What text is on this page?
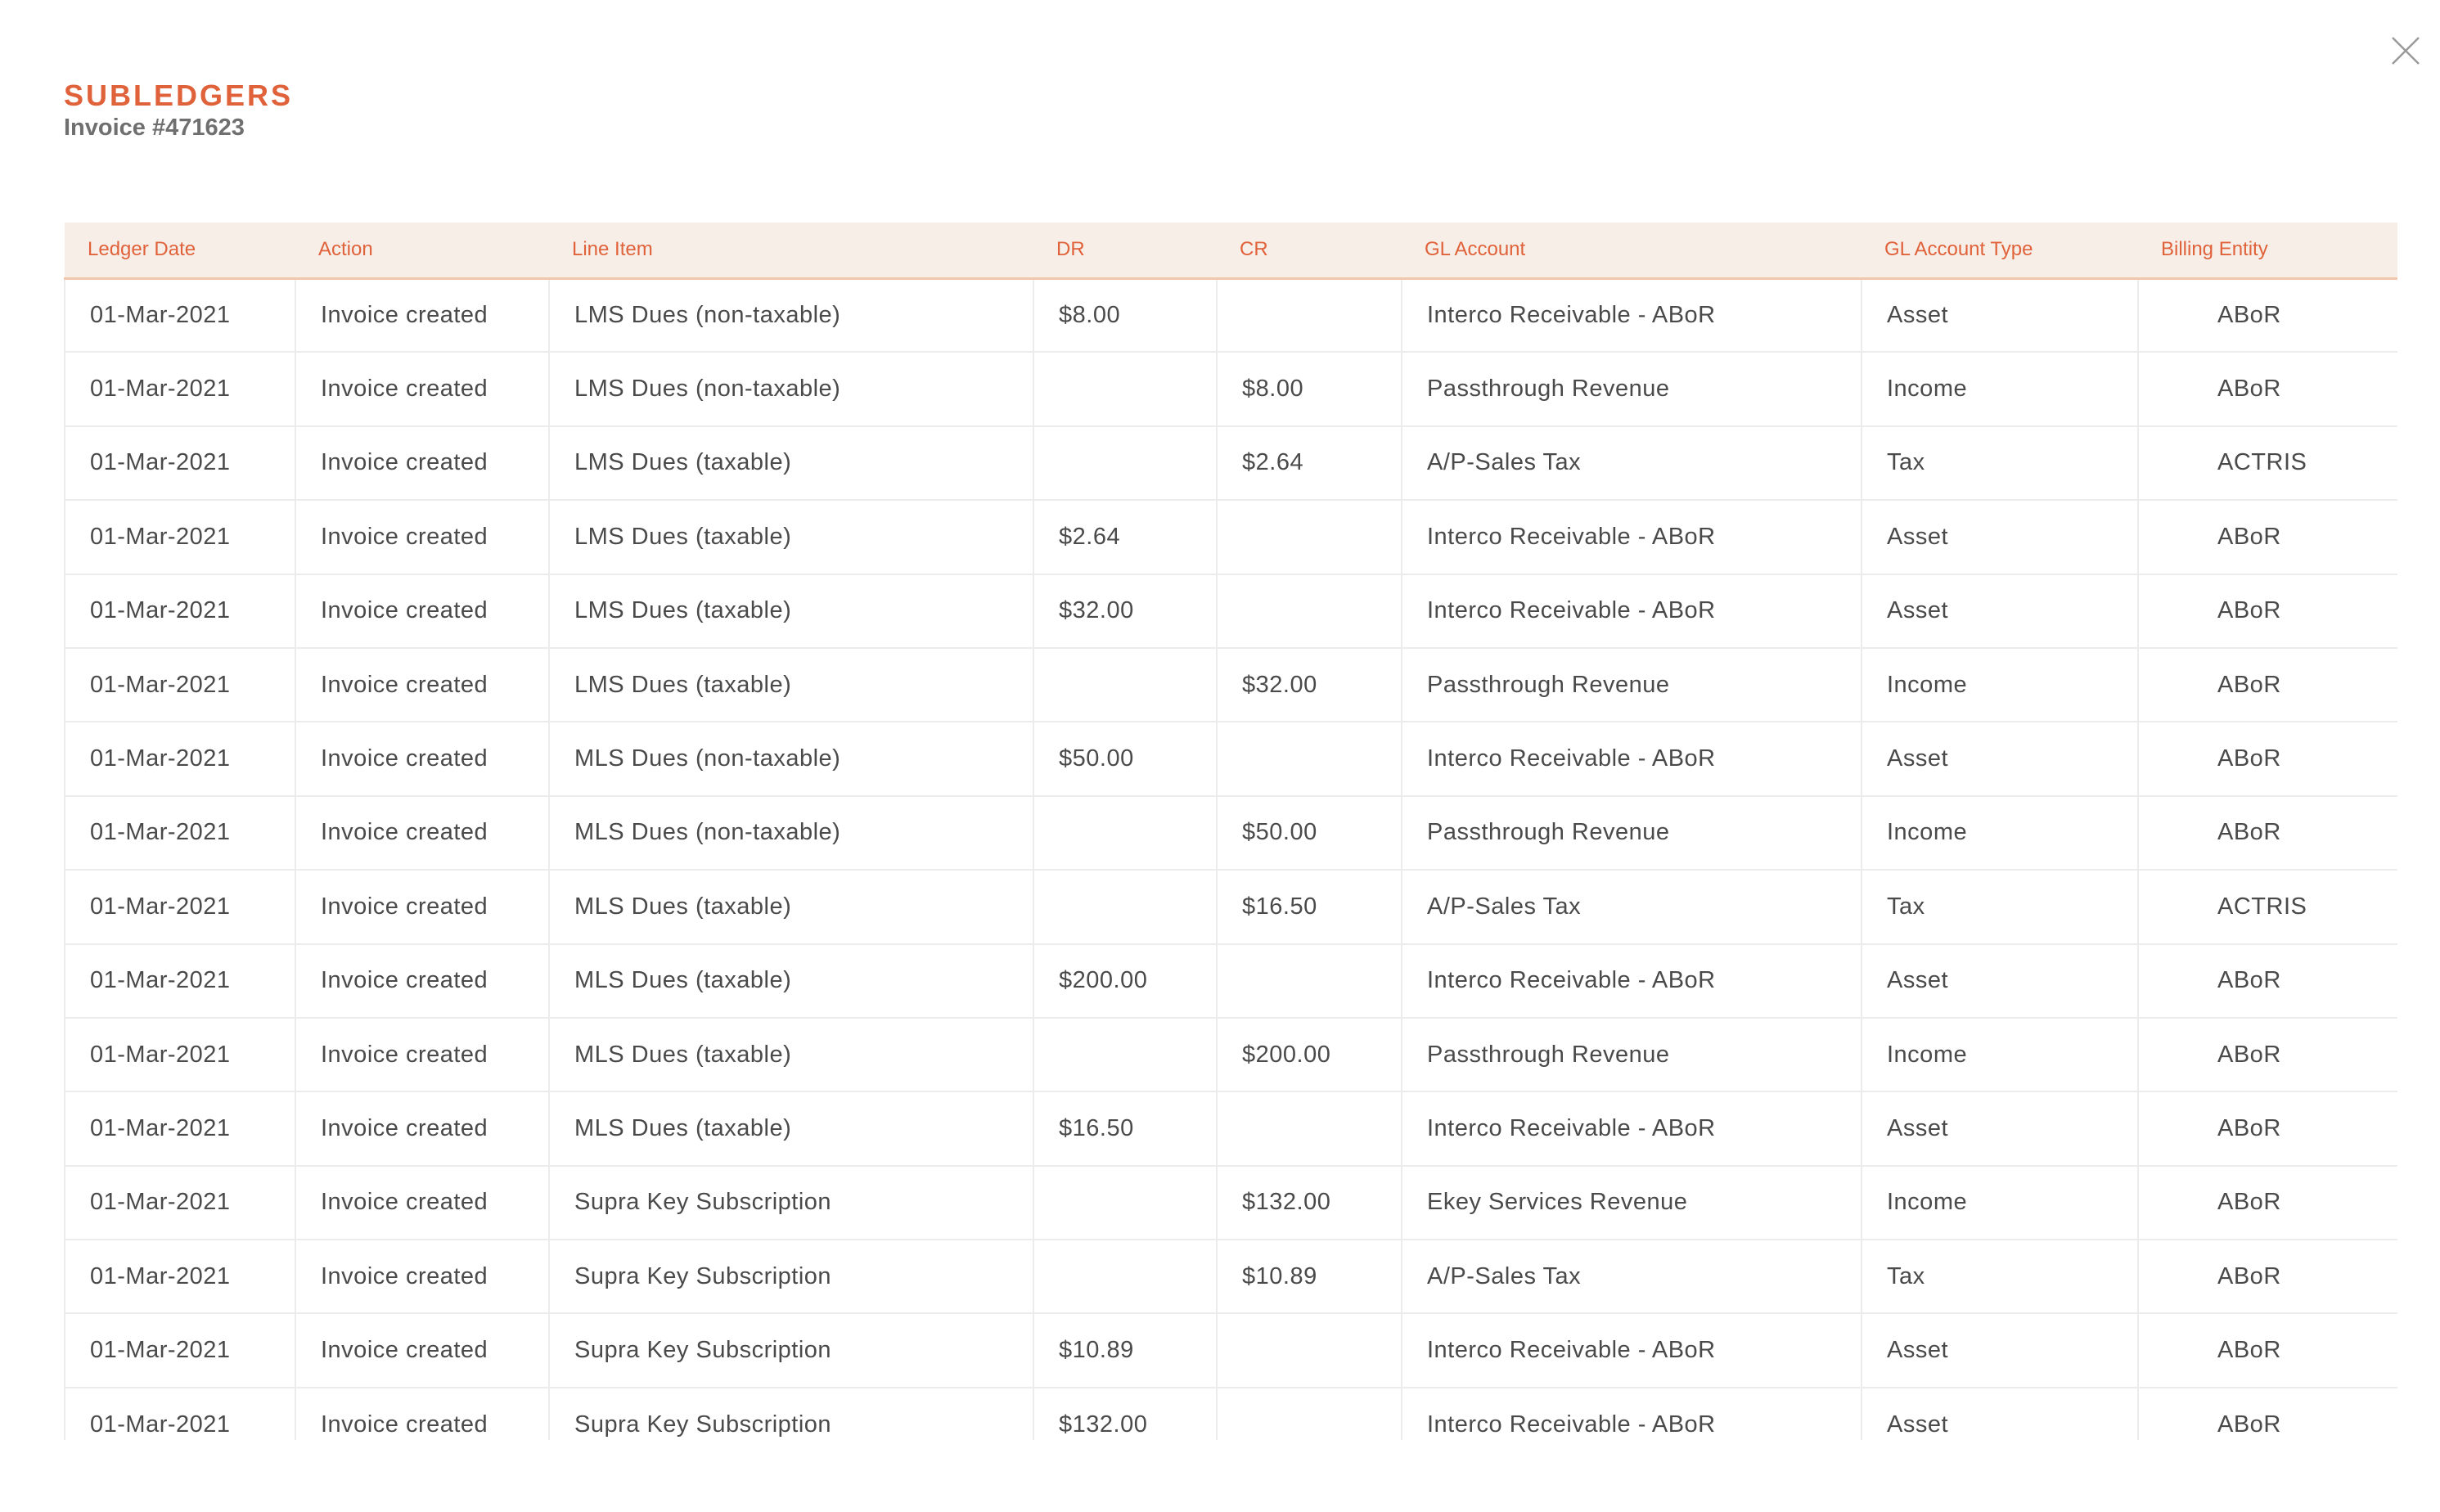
SUBLEDGERS
Invoice #471623
Ledger Date	Action	Line Item	DR	CR	GL Account	GL Account Type	Billing Entity
01-Mar-2021	Invoice created	LMS Dues (non-taxable)	$8.00		Interco Receivable - ABoR	Asset	ABoR
01-Mar-2021	Invoice created	LMS Dues (non-taxable)		$8.00	Passthrough Revenue	Income	ABoR
01-Mar-2021	Invoice created	LMS Dues (taxable)		$2.64	A/P-Sales Tax	Tax	ACTRIS
01-Mar-2021	Invoice created	LMS Dues (taxable)	$2.64		Interco Receivable - ABoR	Asset	ABoR
01-Mar-2021	Invoice created	LMS Dues (taxable)	$32.00		Interco Receivable - ABoR	Asset	ABoR
01-Mar-2021	Invoice created	LMS Dues (taxable)		$32.00	Passthrough Revenue	Income	ABoR
01-Mar-2021	Invoice created	MLS Dues (non-taxable)	$50.00		Interco Receivable - ABoR	Asset	ABoR
01-Mar-2021	Invoice created	MLS Dues (non-taxable)		$50.00	Passthrough Revenue	Income	ABoR
01-Mar-2021	Invoice created	MLS Dues (taxable)		$16.50	A/P-Sales Tax	Tax	ACTRIS
01-Mar-2021	Invoice created	MLS Dues (taxable)	$200.00		Interco Receivable - ABoR	Asset	ABoR
01-Mar-2021	Invoice created	MLS Dues (taxable)		$200.00	Passthrough Revenue	Income	ABoR
01-Mar-2021	Invoice created	MLS Dues (taxable)	$16.50		Interco Receivable - ABoR	Asset	ABoR
01-Mar-2021	Invoice created	Supra Key Subscription		$132.00	Ekey Services Revenue	Income	ABoR
01-Mar-2021	Invoice created	Supra Key Subscription		$10.89	A/P-Sales Tax	Tax	ABoR
01-Mar-2021	Invoice created	Supra Key Subscription	$10.89		Interco Receivable - ABoR	Asset	ABoR
01-Mar-2021	Invoice created	Supra Key Subscription	$132.00		Interco Receivable - ABoR	Asset	ABoR
